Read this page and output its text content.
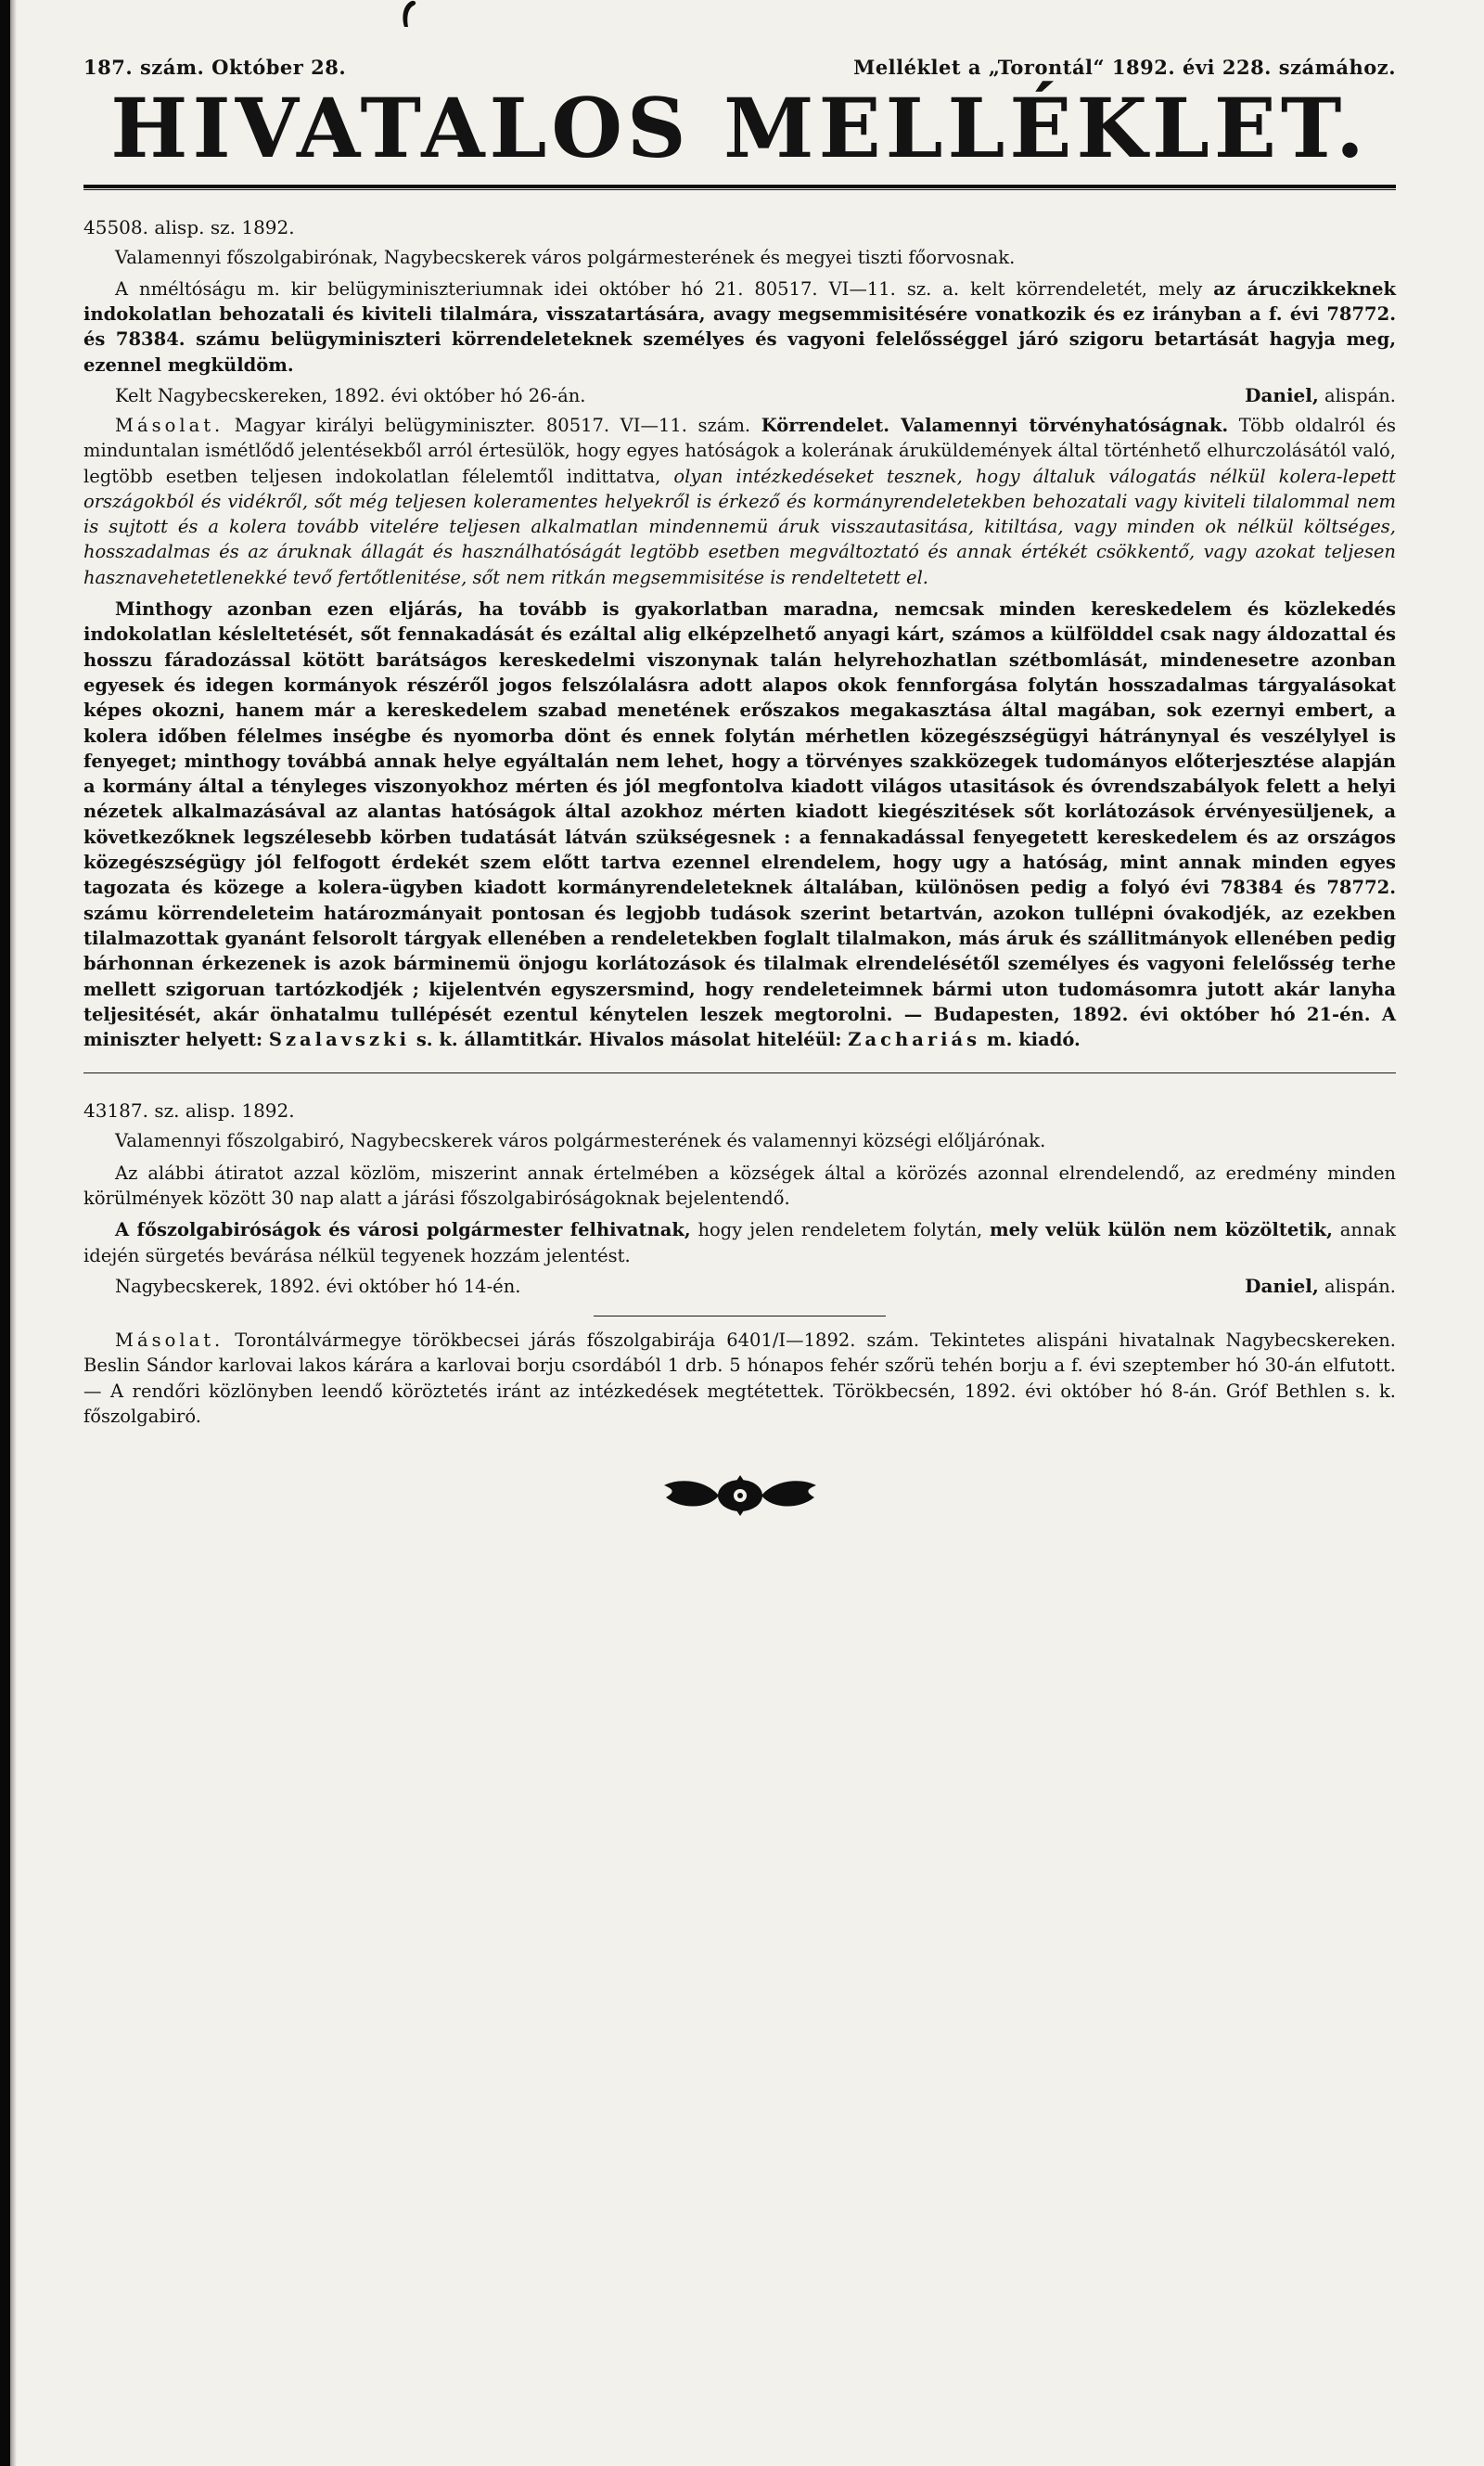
187. szám. Október 28.	Melléklet a „Torontál“ 1892. évi 228. számához.
HIVATALOS MELLÉKLET.

45508. alisp. sz. 1892.

Valamennyi főszolgabirónak, Nagybecskerek város polgármesterének és megyei tiszti főorvosnak.

A nméltóságu m. kir belügyminiszteriumnak idei október hó 21. 80517. VI—11. sz. a. kelt körrendeletét, mely az áruczikkeknek indokolatlan behozatali és kiviteli tilalmára, visszatartására, avagy megsemmisitésére vonatkozik és ez irányban a f. évi 78772. és 78384. számu belügyminiszteri körrendeleteknek személyes és vagyoni felelősséggel járó szigoru betartását hagyja meg, ezennel megküldöm.

Kelt Nagybecskereken, 1892. évi október hó 26-án.	Daniel, alispán.

Másolat. Magyar királyi belügyminiszter. 80517. VI—11. szám. Körrendelet. Valamennyi törvényhatóságnak. Több oldalról és minduntalan ismétlődő jelentésekből arról értesülök, hogy egyes hatóságok a kolerának áruküldemények által történhető elhurczolásától való, legtöbb esetben teljesen indokolatlan félelemtől indittatva, olyan intézkedéseket tesznek, hogy általuk válogatás nélkül kolera-lepett országokból és vidékről, sőt még teljesen koleramentes helyekről is érkező és kormányrendeletekben behozatali vagy kiviteli tilalommal nem is sujtott és a kolera tovább vitelére teljesen alkalmatlan mindennemü áruk visszautasitása, kitiltása, vagy minden ok nélkül költséges, hosszadalmas és az áruknak állagát és használhatóságát legtöbb esetben megváltoztató és annak értékét csökkentő, vagy azokat teljesen hasznavehetetlenekké tevő fertőtlenitése, sőt nem ritkán megsemmisitése is rendeltetett el.

Minthogy azonban ezen eljárás, ha tovább is gyakorlatban maradna, nemcsak minden kereskedelem és közlekedés indokolatlan késleltetését, sőt fennakadását és ezáltal alig elképzelhető anyagi kárt, számos a külfölddel csak nagy áldozattal és hosszu fáradozással kötött barátságos kereskedelmi viszonynak talán helyrehozhatlan szétbomlását, mindenesetre azonban egyesek és idegen kormányok részéről jogos felszólalásra adott alapos okok fennforgása folytán hosszadalmas tárgyalásokat képes okozni, hanem már a kereskedelem szabad menetének erőszakos megakasztása által magában, sok ezernyi embert, a kolera időben félelmes inségbe és nyomorba dönt és ennek folytán mérhetlen közegészségügyi hátránynyal és veszélylyel is fenyeget; minthogy továbbá annak helye egyáltalán nem lehet, hogy a törvényes szakközegek tudományos előterjesztése alapján a kormány által a tényleges viszonyokhoz mérten és jól megfontolva kiadott világos utasitások és óvrendszabályok felett a helyi nézetek alkalmazásával az alantas hatóságok által azokhoz mérten kiadott kiegészitések sőt korlátozások érvényesüljenek, a következőknek legszélesebb körben tudatását látván szükségesnek : a fennakadással fenyegetett kereskedelem és az országos közegészségügy jól felfogott érdekét szem előtt tartva ezennel elrendelem, hogy ugy a hatóság, mint annak minden egyes tagozata és közege a kolera-ügyben kiadott kormányrendeleteknek általában, különösen pedig a folyó évi 78384 és 78772. számu körrendeleteim határozmányait pontosan és legjobb tudások szerint betartván, azokon tullépni óvakodjék, az ezekben tilalmazottak gyanánt felsorolt tárgyak ellenében a rendeletekben foglalt tilalmakon, más áruk és szállitmányok ellenében pedig bárhonnan érkezenek is azok bárminemü önjogu korlátozások és tilalmak elrendelésétől személyes és vagyoni felelősség terhe mellett szigoruan tartózkodjék ; kijelentvén egyszersmind, hogy rendeleteimnek bármi uton tudomásomra jutott akár lanyha teljesitését, akár önhatalmu tullépését ezentul kénytelen leszek megtorolni. — Budapesten, 1892. évi október hó 21-én. A miniszter helyett: Szalavszki s. k. államtitkár. Hivalos másolat hiteléül: Zachariás m. kiadó.

43187. sz. alisp. 1892.

Valamennyi főszolgabiró, Nagybecskerek város polgármesterének és valamennyi községi előljárónak.

Az alábbi átiratot azzal közlöm, miszerint annak értelmében a községek által a körözés azonnal elrendelendő, az eredmény minden körülmények között 30 nap alatt a járási főszolgabiróságoknak bejelentendő.

A főszolgabiróságok és városi polgármester felhivatnak, hogy jelen rendeletem folytán, mely velük külön nem közöltetik, annak idején sürgetés bevárása nélkül tegyenek hozzám jelentést.

Nagybecskerek, 1892. évi október hó 14-én.	Daniel, alispán.

Másolat. Torontálvármegye törökbecsei járás főszolgabirája 6401/I—1892. szám. Tekintetes alispáni hivatalnak Nagybecskereken. Beslin Sándor karlovai lakos kárára a karlovai borju csordából 1 drb. 5 hónapos fehér szőrü tehén borju a f. évi szeptember hó 30-án elfutott. — A rendőri közlönyben leendő köröztetés iránt az intézkedések megtétettek. Törökbecsén, 1892. évi október hó 8-án. Gróf Bethlen s. k. főszolgabiró.
